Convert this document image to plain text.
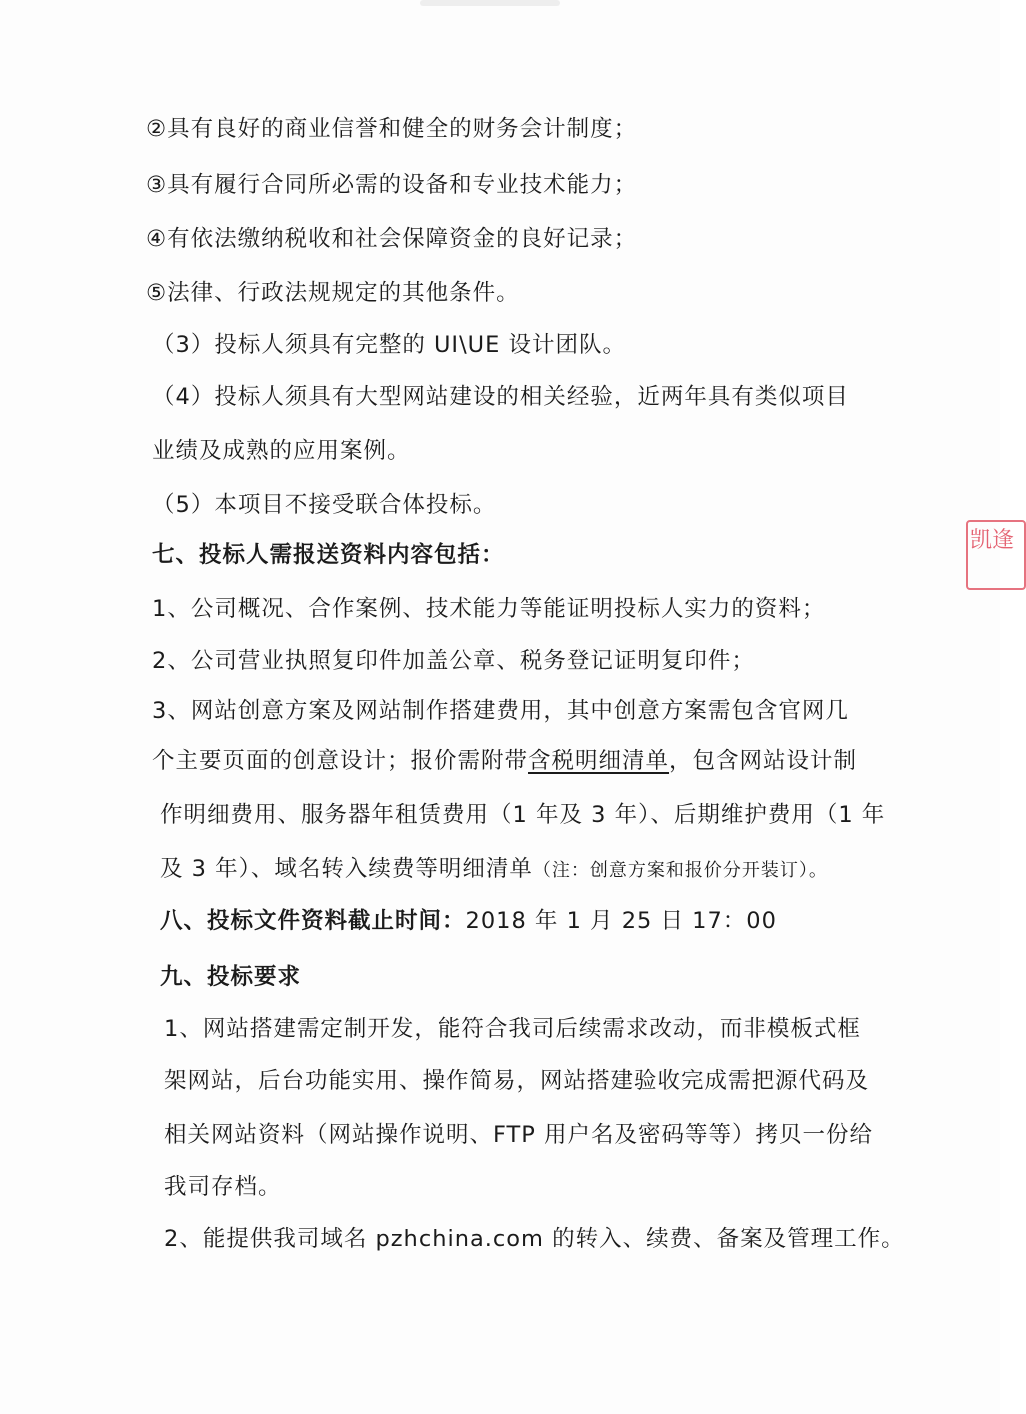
②具有良好的商业信誉和健全的财务会计制度；
③具有履行合同所必需的设备和专业技术能力；
④有依法缴纳税收和社会保障资金的良好记录；
⑤法律、行政法规规定的其他条件。
（3）投标人须具有完整的 UI\UE 设计团队。
（4）投标人须具有大型网站建设的相关经验，近两年具有类似项目
业绩及成熟的应用案例。
（5）本项目不接受联合体投标。
七、投标人需报送资料内容包括：
1、公司概况、合作案例、技术能力等能证明投标人实力的资料；
2、公司营业执照复印件加盖公章、税务登记证明复印件；
3、网站创意方案及网站制作搭建费用，其中创意方案需包含官网几
个主要页面的创意设计；报价需附带含税明细清单，包含网站设计制
作明细费用、服务器年租赁费用（1 年及 3 年）、后期维护费用（1 年
及 3 年）、域名转入续费等明细清单（注：创意方案和报价分开装订）。
八、投标文件资料截止时间：2018 年 1 月 25 日 17：00
九、投标要求
1、网站搭建需定制开发，能符合我司后续需求改动，而非模板式框
架网站，后台功能实用、操作简易，网站搭建验收完成需把源代码及
相关网站资料（网站操作说明、FTP 用户名及密码等等）拷贝一份给
我司存档。
2、能提供我司域名 pzhchina.com 的转入、续费、备案及管理工作。
凯逢
